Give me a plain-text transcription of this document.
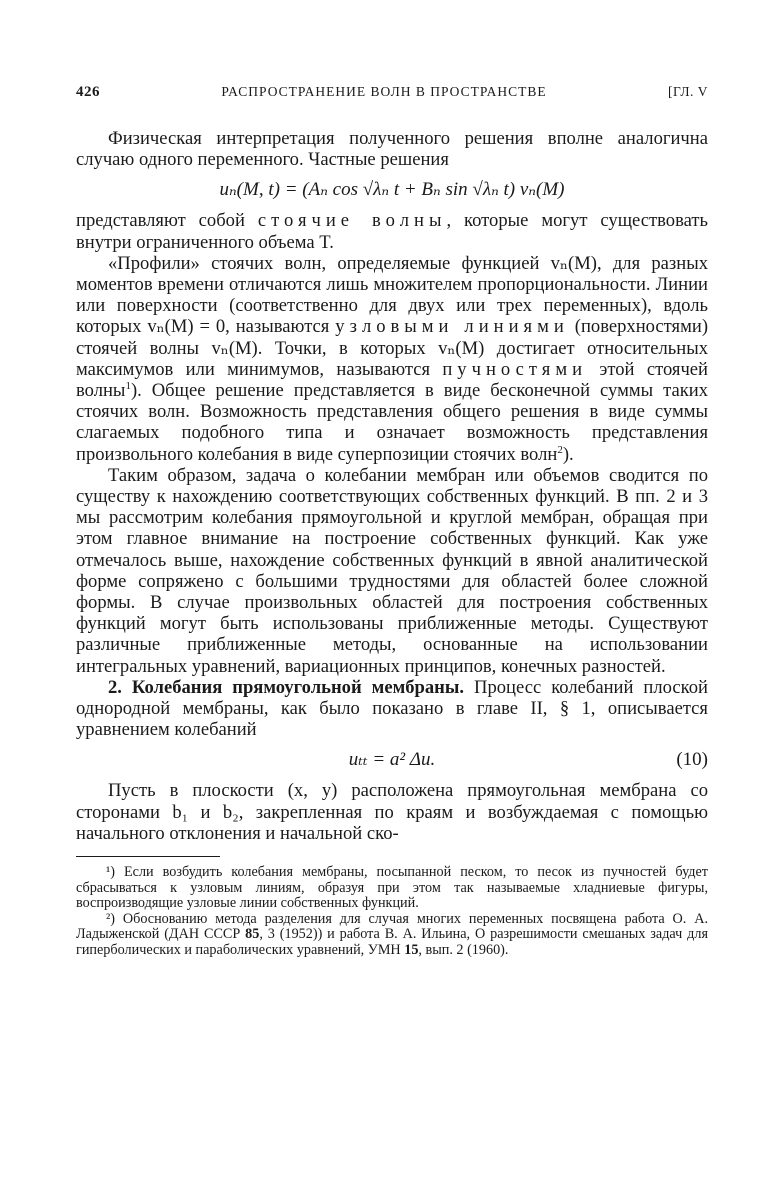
426	РАСПРОСТРАНЕНИЕ ВОЛН В ПРОСТРАНСТВЕ	[ГЛ. V

Физическая интерпретация полученного решения вполне аналогична случаю одного переменного. Частные решения

uₙ(M, t) = (Aₙ cos √λₙ t + Bₙ sin √λₙ t) vₙ(M)

представляют собой стоячие волны, которые могут существовать внутри ограниченного объема T.

«Профили» стоячих волн, определяемые функцией vₙ(M), для разных моментов времени отличаются лишь множителем пропорциональности. Линии или поверхности (соответственно для двух или трех переменных), вдоль которых vₙ(M) = 0, называются узловыми линиями (поверхностями) стоячей волны vₙ(M). Точки, в которых vₙ(M) достигает относительных максимумов или минимумов, называются пучностями этой стоячей волны$^1$). Общее решение представляется в виде бесконечной суммы таких стоячих волн. Возможность представления общего решения в виде суммы слагаемых подобного типа и означает возможность представления произвольного колебания в виде суперпозиции стоячих волн$^2$).

Таким образом, задача о колебании мембран или объемов сводится по существу к нахождению соответствующих собственных функций. В пп. 2 и 3 мы рассмотрим колебания прямоугольной и круглой мембран, обращая при этом главное внимание на построение собственных функций. Как уже отмечалось выше, нахождение собственных функций в явной аналитической форме сопряжено с большими трудностями для областей более сложной формы. В случае произвольных областей для построения собственных функций могут быть использованы приближенные методы. Существуют различные приближенные методы, основанные на использовании интегральных уравнений, вариационных принципов, конечных разностей.

2. Колебания прямоугольной мембраны. Процесс колебаний плоской однородной мембраны, как было показано в главе II, § 1, описывается уравнением колебаний

uₜₜ = a² Δu.	(10)

Пусть в плоскости (x, y) расположена прямоугольная мембрана со сторонами b₁ и b₂, закрепленная по краям и возбуждаемая с помощью начального отклонения и начальной ско-

¹) Если возбудить колебания мембраны, посыпанной песком, то песок из пучностей будет сбрасываться к узловым линиям, образуя при этом так называемые хладниевые фигуры, воспроизводящие узловые линии собственных функций.

²) Обоснованию метода разделения для случая многих переменных посвящена работа О. А. Ладыженской (ДАН СССР 85, 3 (1952)) и работа В. А. Ильина, О разрешимости смешаных задач для гиперболических и параболических уравнений, УМН 15, вып. 2 (1960).
